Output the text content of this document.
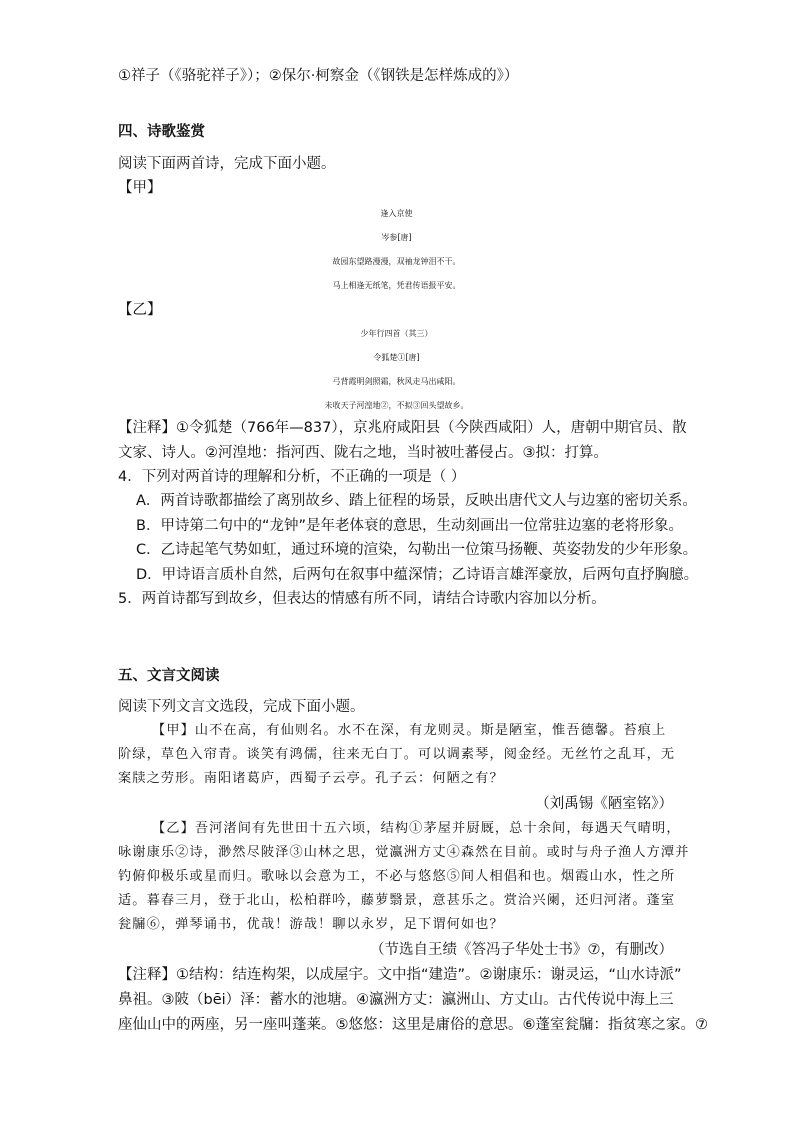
①祥子（《骆驼祥子》）；②保尔·柯察金（《钢铁是怎样炼成的》）
四、诗歌鉴赏
阅读下面两首诗，完成下面小题。
【甲】
逢入京使
岑参[唐]
故园东望路漫漫，双袖龙钟泪不干。
马上相逢无纸笔，凭君传语报平安。
【乙】
少年行四首（其三）
令狐楚①[唐]
弓背霞明剑照霜，秋风走马出咸阳。
未收天子河湟地②，不拟③回头望故乡。
【注释】①令狐楚（766年—837），京兆府咸阳县（今陕西咸阳）人，唐朝中期官员、散
文家、诗人。②河湟地：指河西、陇右之地，当时被吐蕃侵占。③拟：打算。
4．下列对两首诗的理解和分析，不正确的一项是（ ）
A．两首诗歌都描绘了离别故乡、踏上征程的场景，反映出唐代文人与边塞的密切关系。
B．甲诗第二句中的“龙钟”是年老体衰的意思，生动刻画出一位常驻边塞的老将形象。
C．乙诗起笔气势如虹，通过环境的渲染，勾勒出一位策马扬鞭、英姿勃发的少年形象。
D．甲诗语言质朴自然，后两句在叙事中蕴深情；乙诗语言雄浑豪放，后两句直抒胸臆。
5．两首诗都写到故乡，但表达的情感有所不同，请结合诗歌内容加以分析。
五、文言文阅读
阅读下列文言文选段，完成下面小题。
【甲】山不在高，有仙则名。水不在深，有龙则灵。斯是陋室，惟吾德馨。苔痕上
阶绿，草色入帘青。谈笑有鸿儒，往来无白丁。可以调素琴，阅金经。无丝竹之乱耳，无
案牍之劳形。南阳诸葛庐，西蜀子云亭。孔子云：何陋之有？
（刘禹锡《陋室铭》）
【乙】吾河渚间有先世田十五六顷，结构①茅屋并厨厩，总十余间，每遇天气晴明，
咏谢康乐②诗，渺然尽陂泽③山林之思，觉瀛洲方丈④森然在目前。或时与舟子渔人方潭并
钓俯仰极乐或星而归。歌咏以会意为工，不必与悠悠⑤间人相倡和也。烟霞山水，性之所
适。暮春三月，登于北山，松柏群吟，藤萝翳景，意甚乐之。赏洽兴阑，还归河渚。蓬室
瓮牖⑥，弹琴诵书，优哉！游哉！聊以永岁，足下谓何如也？
（节选自王绩《答冯子华处士书》⑦，有删改）
【注释】①结构：结连构架，以成屋宇。文中指“建造”。②谢康乐：谢灵运，“山水诗派”
鼻祖。③陂（bēi）泽：蓄水的池塘。④瀛洲方丈：瀛洲山、方丈山。古代传说中海上三
座仙山中的两座，另一座叫蓬莱。⑤悠悠：这里是庸俗的意思。⑥蓬室瓮牖：指贫寒之家。⑦
